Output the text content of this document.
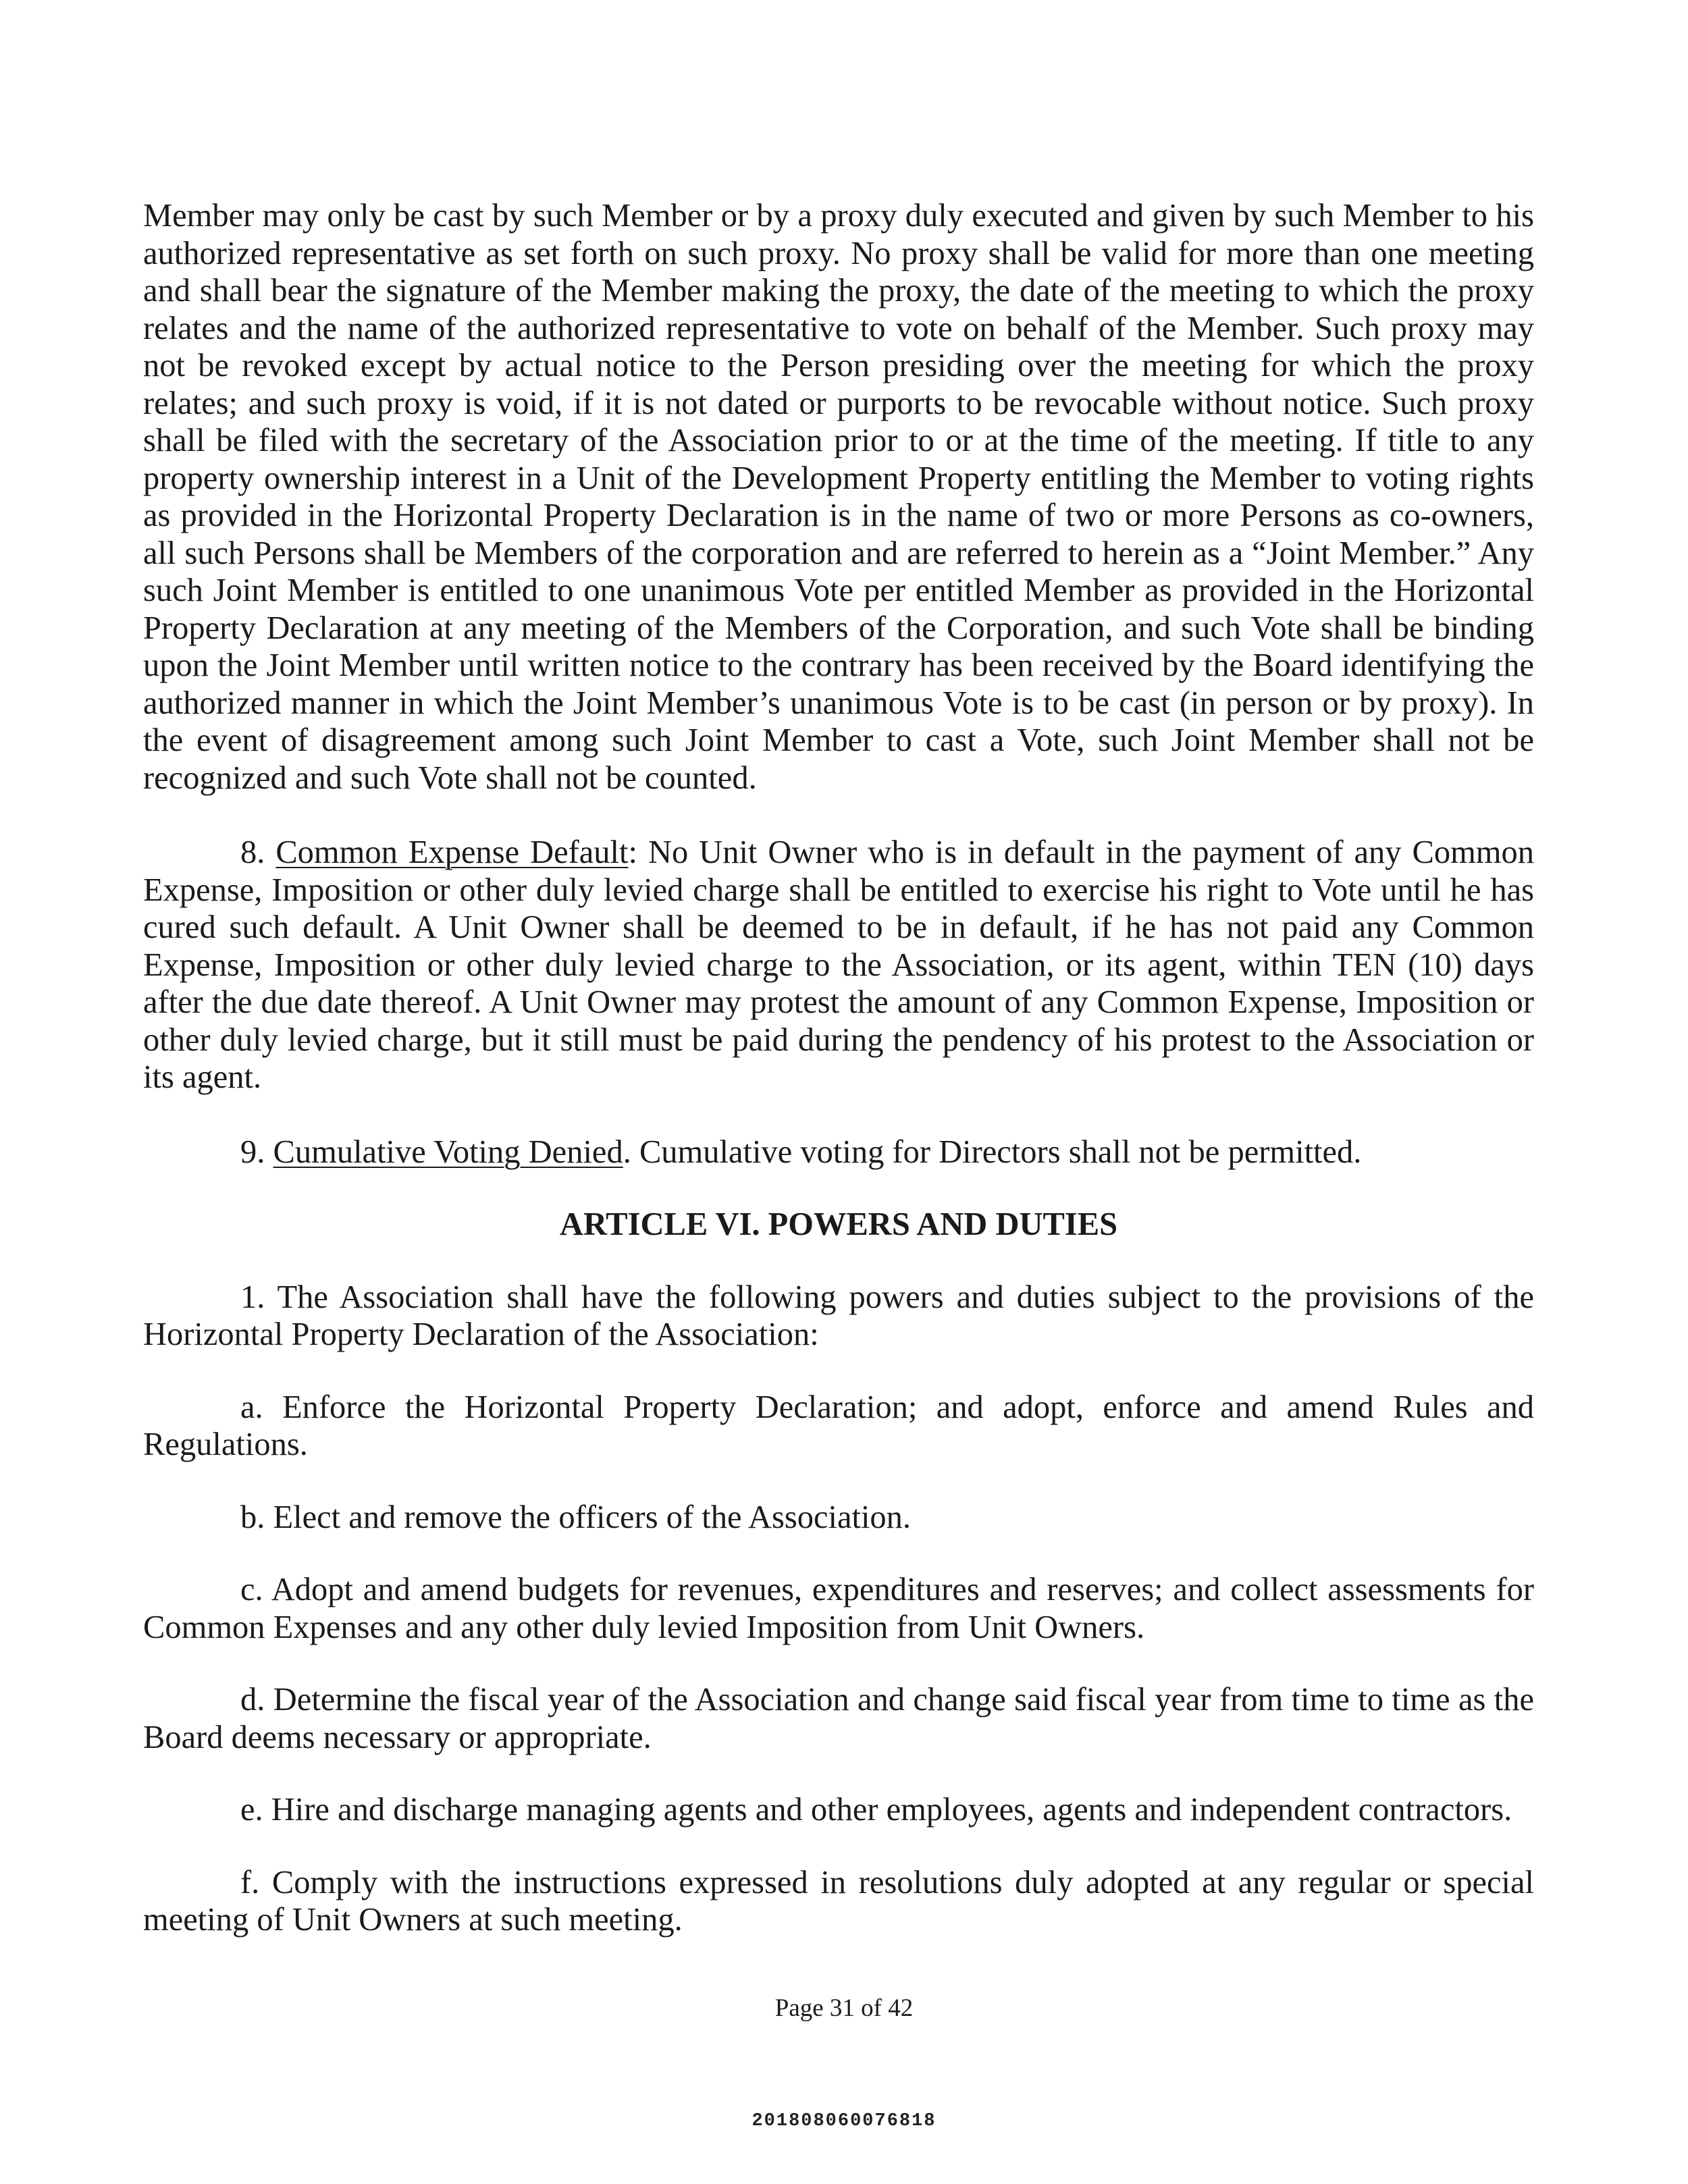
Member may only be cast by such Member or by a proxy duly executed and given by such Member to his authorized representative as set forth on such proxy. No proxy shall be valid for more than one meeting and shall bear the signature of the Member making the proxy, the date of the meeting to which the proxy relates and the name of the authorized representative to vote on behalf of the Member. Such proxy may not be revoked except by actual notice to the Person presiding over the meeting for which the proxy relates; and such proxy is void, if it is not dated or purports to be revocable without notice. Such proxy shall be filed with the secretary of the Association prior to or at the time of the meeting. If title to any property ownership interest in a Unit of the Development Property entitling the Member to voting rights as provided in the Horizontal Property Declaration is in the name of two or more Persons as co-owners, all such Persons shall be Members of the corporation and are referred to herein as a “Joint Member.” Any such Joint Member is entitled to one unanimous Vote per entitled Member as provided in the Horizontal Property Declaration at any meeting of the Members of the Corporation, and such Vote shall be binding upon the Joint Member until written notice to the contrary has been received by the Board identifying the authorized manner in which the Joint Member’s unanimous Vote is to be cast (in person or by proxy). In the event of disagreement among such Joint Member to cast a Vote, such Joint Member shall not be recognized and such Vote shall not be counted.

8. Common Expense Default: No Unit Owner who is in default in the payment of any Common Expense, Imposition or other duly levied charge shall be entitled to exercise his right to Vote until he has cured such default. A Unit Owner shall be deemed to be in default, if he has not paid any Common Expense, Imposition or other duly levied charge to the Association, or its agent, within TEN (10) days after the due date thereof. A Unit Owner may protest the amount of any Common Expense, Imposition or other duly levied charge, but it still must be paid during the pendency of his protest to the Association or its agent.

9. Cumulative Voting Denied. Cumulative voting for Directors shall not be permitted.

ARTICLE VI. POWERS AND DUTIES

1. The Association shall have the following powers and duties subject to the provisions of the Horizontal Property Declaration of the Association:

a. Enforce the Horizontal Property Declaration; and adopt, enforce and amend Rules and Regulations.

b. Elect and remove the officers of the Association.

c. Adopt and amend budgets for revenues, expenditures and reserves; and collect assessments for Common Expenses and any other duly levied Imposition from Unit Owners.

d. Determine the fiscal year of the Association and change said fiscal year from time to time as the Board deems necessary or appropriate.

e. Hire and discharge managing agents and other employees, agents and independent contractors.

f. Comply with the instructions expressed in resolutions duly adopted at any regular or special meeting of Unit Owners at such meeting.

Page 31 of 42
201808060076818
